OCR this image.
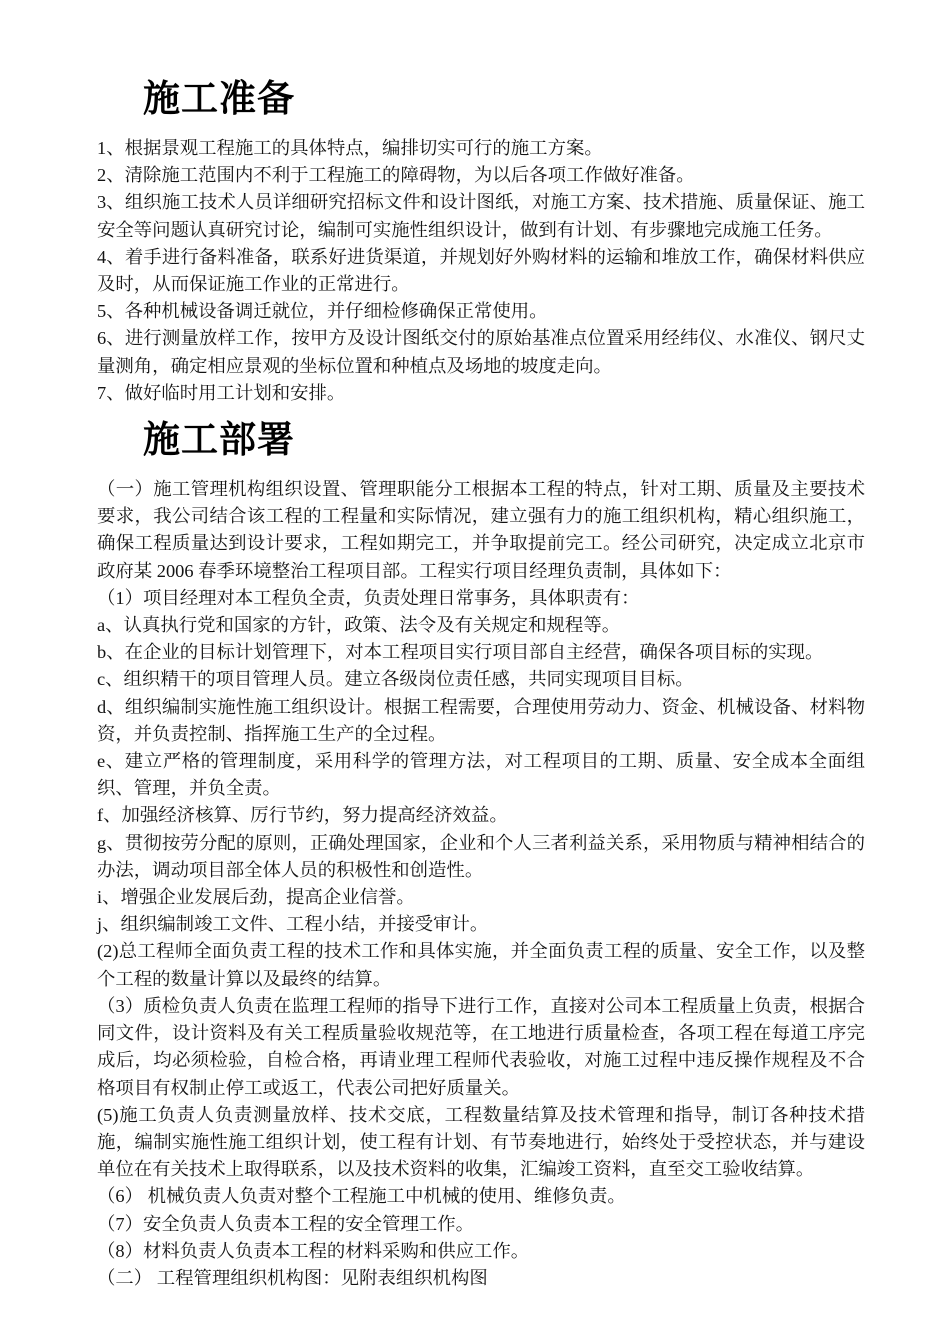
施工准备

1、根据景观工程施工的具体特点，编排切实可行的施工方案。

2、清除施工范围内不利于工程施工的障碍物，为以后各项工作做好准备。

3、组织施工技术人员详细研究招标文件和设计图纸，对施工方案、技术措施、质量保证、施工安全等问题认真研究讨论，编制可实施性组织设计，做到有计划、有步骤地完成施工任务。

4、着手进行备料准备，联系好进货渠道，并规划好外购材料的运输和堆放工作，确保材料供应及时，从而保证施工作业的正常进行。

5、各种机械设备调迁就位，并仔细检修确保正常使用。

6、进行测量放样工作，按甲方及设计图纸交付的原始基准点位置采用经纬仪、水准仪、钢尺丈量测角，确定相应景观的坐标位置和种植点及场地的坡度走向。

7、做好临时用工计划和安排。

施工部署

（一）施工管理机构组织设置、管理职能分工根据本工程的特点，针对工期、质量及主要技术要求，我公司结合该工程的工程量和实际情况，建立强有力的施工组织机构，精心组织施工，确保工程质量达到设计要求，工程如期完工，并争取提前完工。经公司研究，决定成立北京市政府某 2006 春季环境整治工程项目部。工程实行项目经理负责制，具体如下：

（1）项目经理对本工程负全责，负责处理日常事务，具体职责有：

a、认真执行党和国家的方针，政策、法令及有关规定和规程等。

b、在企业的目标计划管理下，对本工程项目实行项目部自主经营，确保各项目标的实现。

c、组织精干的项目管理人员。建立各级岗位责任感，共同实现项目目标。

d、组织编制实施性施工组织设计。根据工程需要，合理使用劳动力、资金、机械设备、材料物资，并负责控制、指挥施工生产的全过程。

e、建立严格的管理制度，采用科学的管理方法，对工程项目的工期、质量、安全成本全面组织、管理，并负全责。

f、加强经济核算、厉行节约，努力提高经济效益。

g、贯彻按劳分配的原则，正确处理国家，企业和个人三者利益关系，采用物质与精神相结合的办法，调动项目部全体人员的积极性和创造性。

i、增强企业发展后劲，提高企业信誉。

j、组织编制竣工文件、工程小结，并接受审计。

(2)总工程师全面负责工程的技术工作和具体实施，并全面负责工程的质量、安全工作，以及整个工程的数量计算以及最终的结算。

（3）质检负责人负责在监理工程师的指导下进行工作，直接对公司本工程质量上负责，根据合同文件，设计资料及有关工程质量验收规范等，在工地进行质量检查，各项工程在每道工序完成后，均必须检验，自检合格，再请业理工程师代表验收，对施工过程中违反操作规程及不合格项目有权制止停工或返工，代表公司把好质量关。

(5)施工负责人负责测量放样、技术交底，工程数量结算及技术管理和指导，制订各种技术措施，编制实施性施工组织计划，使工程有计划、有节奏地进行，始终处于受控状态，并与建设单位在有关技术上取得联系，以及技术资料的收集，汇编竣工资料，直至交工验收结算。

（6） 机械负责人负责对整个工程施工中机械的使用、维修负责。

（7）安全负责人负责本工程的安全管理工作。

（8）材料负责人负责本工程的材料采购和供应工作。

（二） 工程管理组织机构图：见附表组织机构图
